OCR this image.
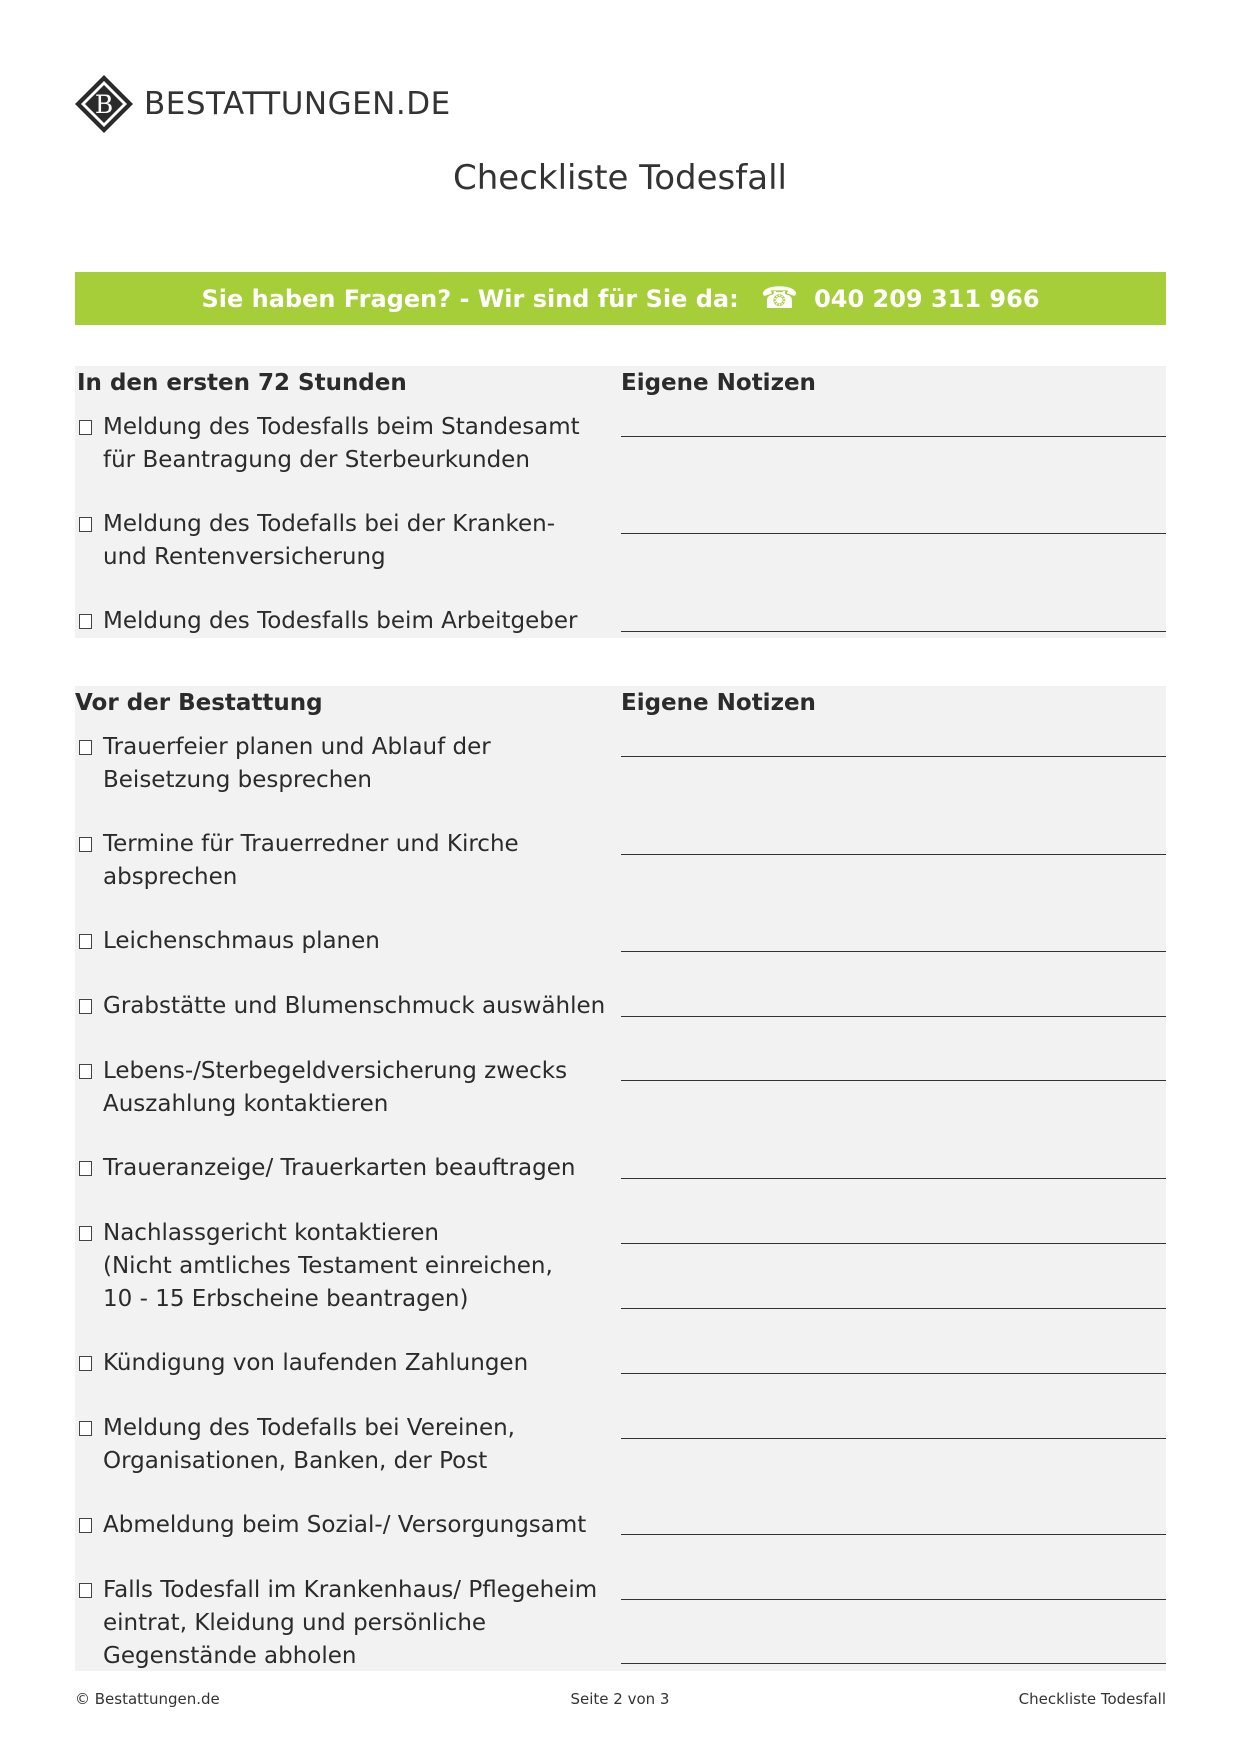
B BESTATTUNGEN.DE
Checkliste Todesfall
Sie haben Fragen? - Wir sind für Sie da: ☎ 040 209 311 966
In den ersten 72 Stunden	Eigene Notizen
Meldung des Todesfalls beim Standesamt
für Beantragung der Sterbeurkunden
Meldung des Todefalls bei der Kranken-
und Rentenversicherung
Meldung des Todesfalls beim Arbeitgeber
Vor der Bestattung	Eigene Notizen
Trauerfeier planen und Ablauf der
Beisetzung besprechen
Termine für Trauerredner und Kirche
absprechen
Leichenschmaus planen
Grabstätte und Blumenschmuck auswählen
Lebens-/Sterbegeldversicherung zwecks
Auszahlung kontaktieren
Traueranzeige/ Trauerkarten beauftragen
Nachlassgericht kontaktieren
(Nicht amtliches Testament einreichen,
10 - 15 Erbscheine beantragen)
Kündigung von laufenden Zahlungen
Meldung des Todefalls bei Vereinen,
Organisationen, Banken, der Post
Abmeldung beim Sozial-/ Versorgungsamt
Falls Todesfall im Krankenhaus/ Pflegeheim
eintrat, Kleidung und persönliche
Gegenstände abholen
© Bestattungen.de	Seite 2 von 3	Checkliste Todesfall
